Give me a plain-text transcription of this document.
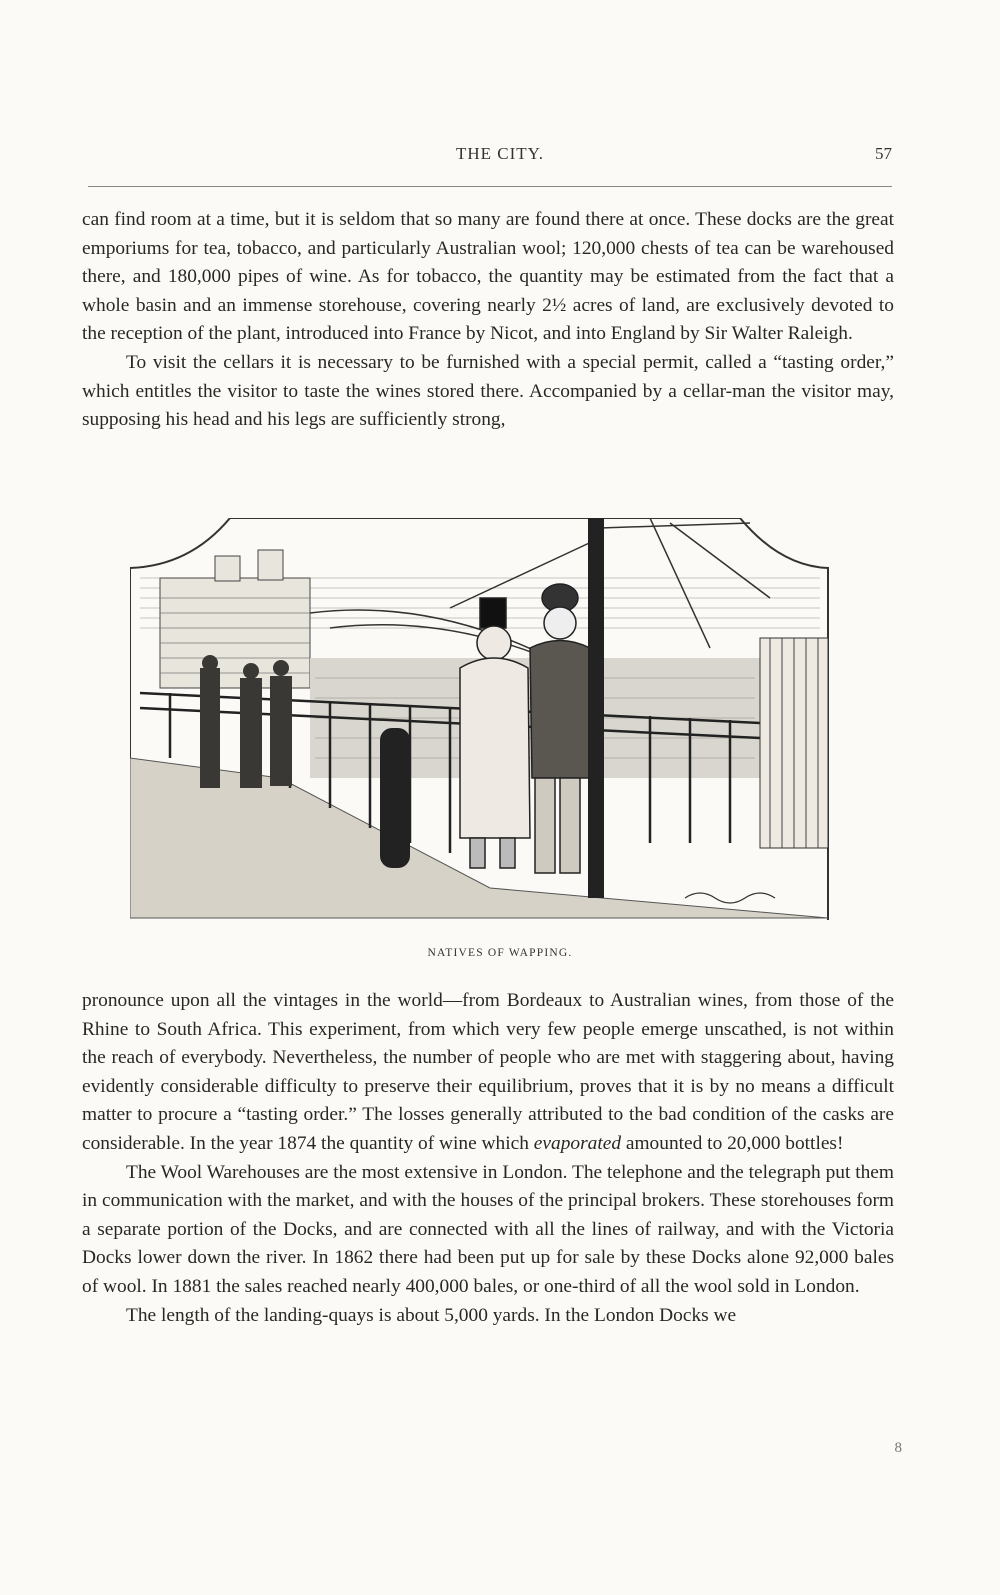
THE CITY.	57

can find room at a time, but it is seldom that so many are found there at once. These docks are the great emporiums for tea, tobacco, and particularly Australian wool; 120,000 chests of tea can be warehoused there, and 180,000 pipes of wine. As for tobacco, the quantity may be estimated from the fact that a whole basin and an immense storehouse, covering nearly 2½ acres of land, are exclusively devoted to the reception of the plant, introduced into France by Nicot, and into England by Sir Walter Raleigh.

To visit the cellars it is necessary to be furnished with a special permit, called a “tasting order,” which entitles the visitor to taste the wines stored there. Accompanied by a cellar-man the visitor may, supposing his head and his legs are sufficiently strong,

NATIVES OF WAPPING.

pronounce upon all the vintages in the world—from Bordeaux to Australian wines, from those of the Rhine to South Africa. This experiment, from which very few people emerge unscathed, is not within the reach of everybody. Nevertheless, the number of people who are met with staggering about, having evidently considerable difficulty to preserve their equilibrium, proves that it is by no means a difficult matter to procure a “tasting order.” The losses generally attributed to the bad condition of the casks are considerable. In the year 1874 the quantity of wine which evaporated amounted to 20,000 bottles!

The Wool Warehouses are the most extensive in London. The telephone and the telegraph put them in communication with the market, and with the houses of the principal brokers. These storehouses form a separate portion of the Docks, and are connected with all the lines of railway, and with the Victoria Docks lower down the river. In 1862 there had been put up for sale by these Docks alone 92,000 bales of wool. In 1881 the sales reached nearly 400,000 bales, or one-third of all the wool sold in London.

The length of the landing-quays is about 5,000 yards. In the London Docks we

8
